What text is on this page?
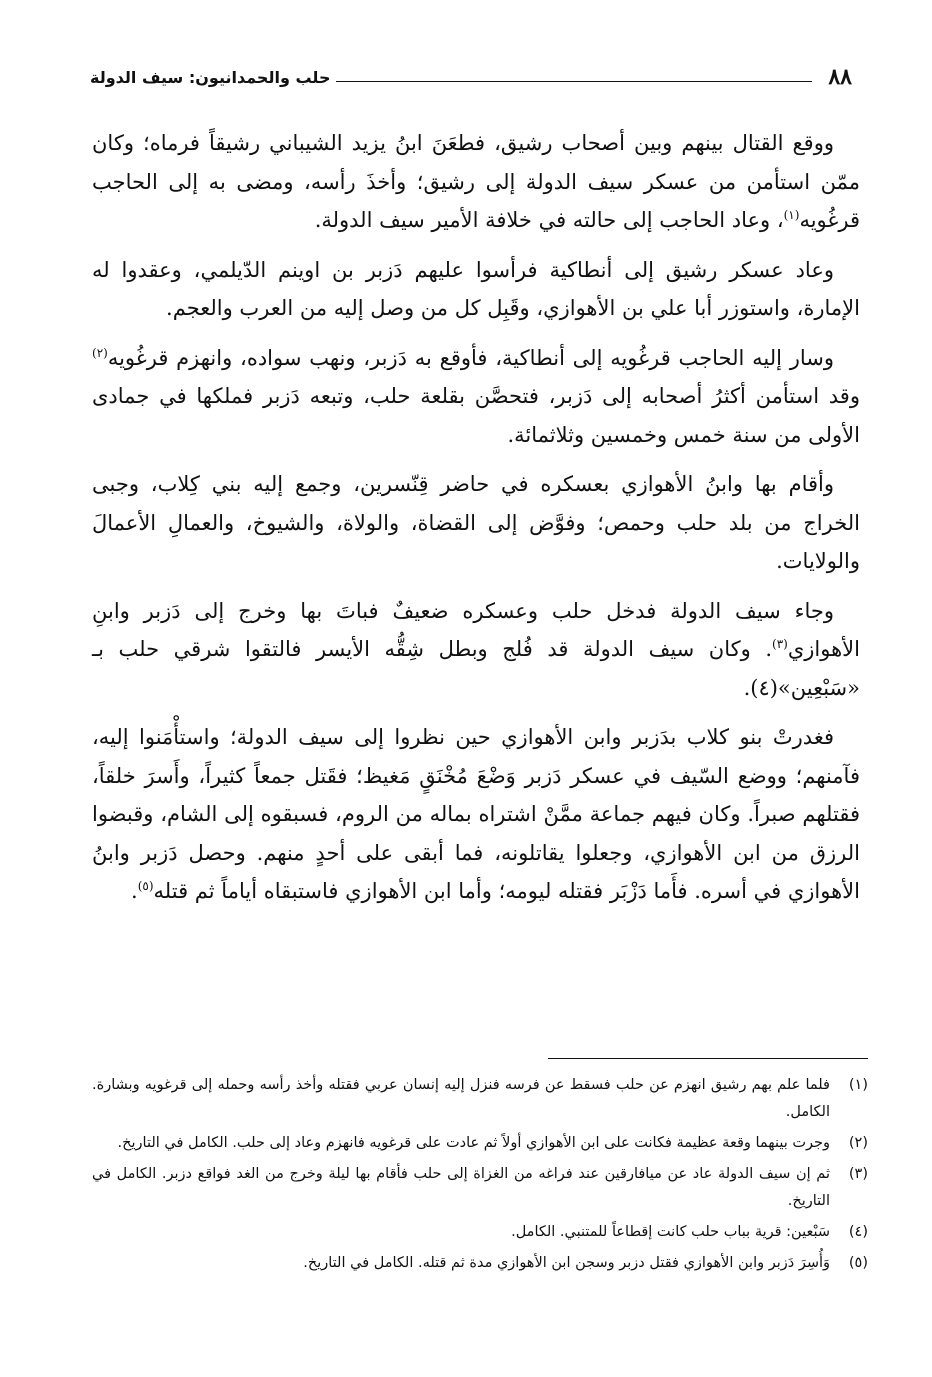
٨٨
حلب والحمدانيون: سيف الدولة

ووقع القتال بينهم وبين أصحاب رشيق، فطعَنَ ابنُ يزيد الشيباني رشيقاً فرماه؛ وكان ممّن استأمن من عسكر سيف الدولة إلى رشيق؛ وأخذَ رأسه، ومضى به إلى الحاجب قرغُويه$^{(١)}$، وعاد الحاجب إلى حالته في خلافة الأمير سيف الدولة.

وعاد عسكر رشيق إلى أنطاكية فرأسوا عليهم دَزبر بن اوينم الدّيلمي، وعقدوا له الإمارة، واستوزر أبا علي بن الأهوازي، وقَبِل كل من وصل إليه من العرب والعجم.

وسار إليه الحاجب قرغُويه إلى أنطاكية، فأوقع به دَزبر، ونهب سواده، وانهزم قرغُويه$^{(٢)}$ وقد استأمن أكثرُ أصحابه إلى دَزبر، فتحصَّن بقلعة حلب، وتبعه دَزبر فملكها في جمادى الأولى من سنة خمس وخمسين وثلاثمائة.

وأقام بها وابنُ الأهوازي بعسكره في حاضر قِنّسرين، وجمع إليه بني كِلاب، وجبى الخراج من بلد حلب وحمص؛ وفوَّض إلى القضاة، والولاة، والشيوخ، والعمالِ الأعمالَ والولايات.

وجاء سيف الدولة فدخل حلب وعسكره ضعيفٌ فباتَ بها وخرج إلى دَزبر وابنِ الأهوازي$^{(٣)}$. وكان سيف الدولة قد فُلج وبطل شِقُّه الأيسر فالتقوا شرقي حلب بـ «سَبْعِين»(٤).

فغدرتْ بنو كلاب بدَزبر وابن الأهوازي حين نظروا إلى سيف الدولة؛ واستأْمَنوا إليه، فآمنهم؛ ووضع السّيف في عسكر دَزبر وَضْعَ مُخْنَقٍ مَغيظ؛ فقَتل جمعاً كثيراً، وأَسرَ خلقاً، فقتلهم صبراً. وكان فيهم جماعة ممَّنْ اشتراه بماله من الروم، فسبقوه إلى الشام، وقبضوا الرزق من ابن الأهوازي، وجعلوا يقاتلونه، فما أبقى على أحدٍ منهم. وحصل دَزبر وابنُ الأهوازي في أسره. فأَما دَزْبَر فقتله ليومه؛ وأما ابن الأهوازي فاستبقاه أياماً ثم قتله$^{(٥)}$.

(١)
فلما علم بهم رشيق انهزم عن حلب فسقط عن فرسه فنزل إليه إنسان عربي فقتله وأخذ رأسه وحمله إلى قرغويه وبشارة. الكامل.
(٢)
وجرت بينهما وقعة عظيمة فكانت على ابن الأهوازي أولاً ثم عادت على قرغويه فانهزم وعاد إلى حلب. الكامل في التاريخ.
(٣)
ثم إن سيف الدولة عاد عن ميافارقين عند فراغه من الغزاة إلى حلب فأقام بها ليلة وخرج من الغد فواقع دزبر. الكامل في التاريخ.
(٤)
سَبْعين: قرية بباب حلب كانت إقطاعاً للمتنبي. الكامل.
(٥)
وَأُسِرَ دَزبر وابن الأهوازي فقتل دزبر وسجن ابن الأهوازي مدة ثم قتله. الكامل في التاريخ.
